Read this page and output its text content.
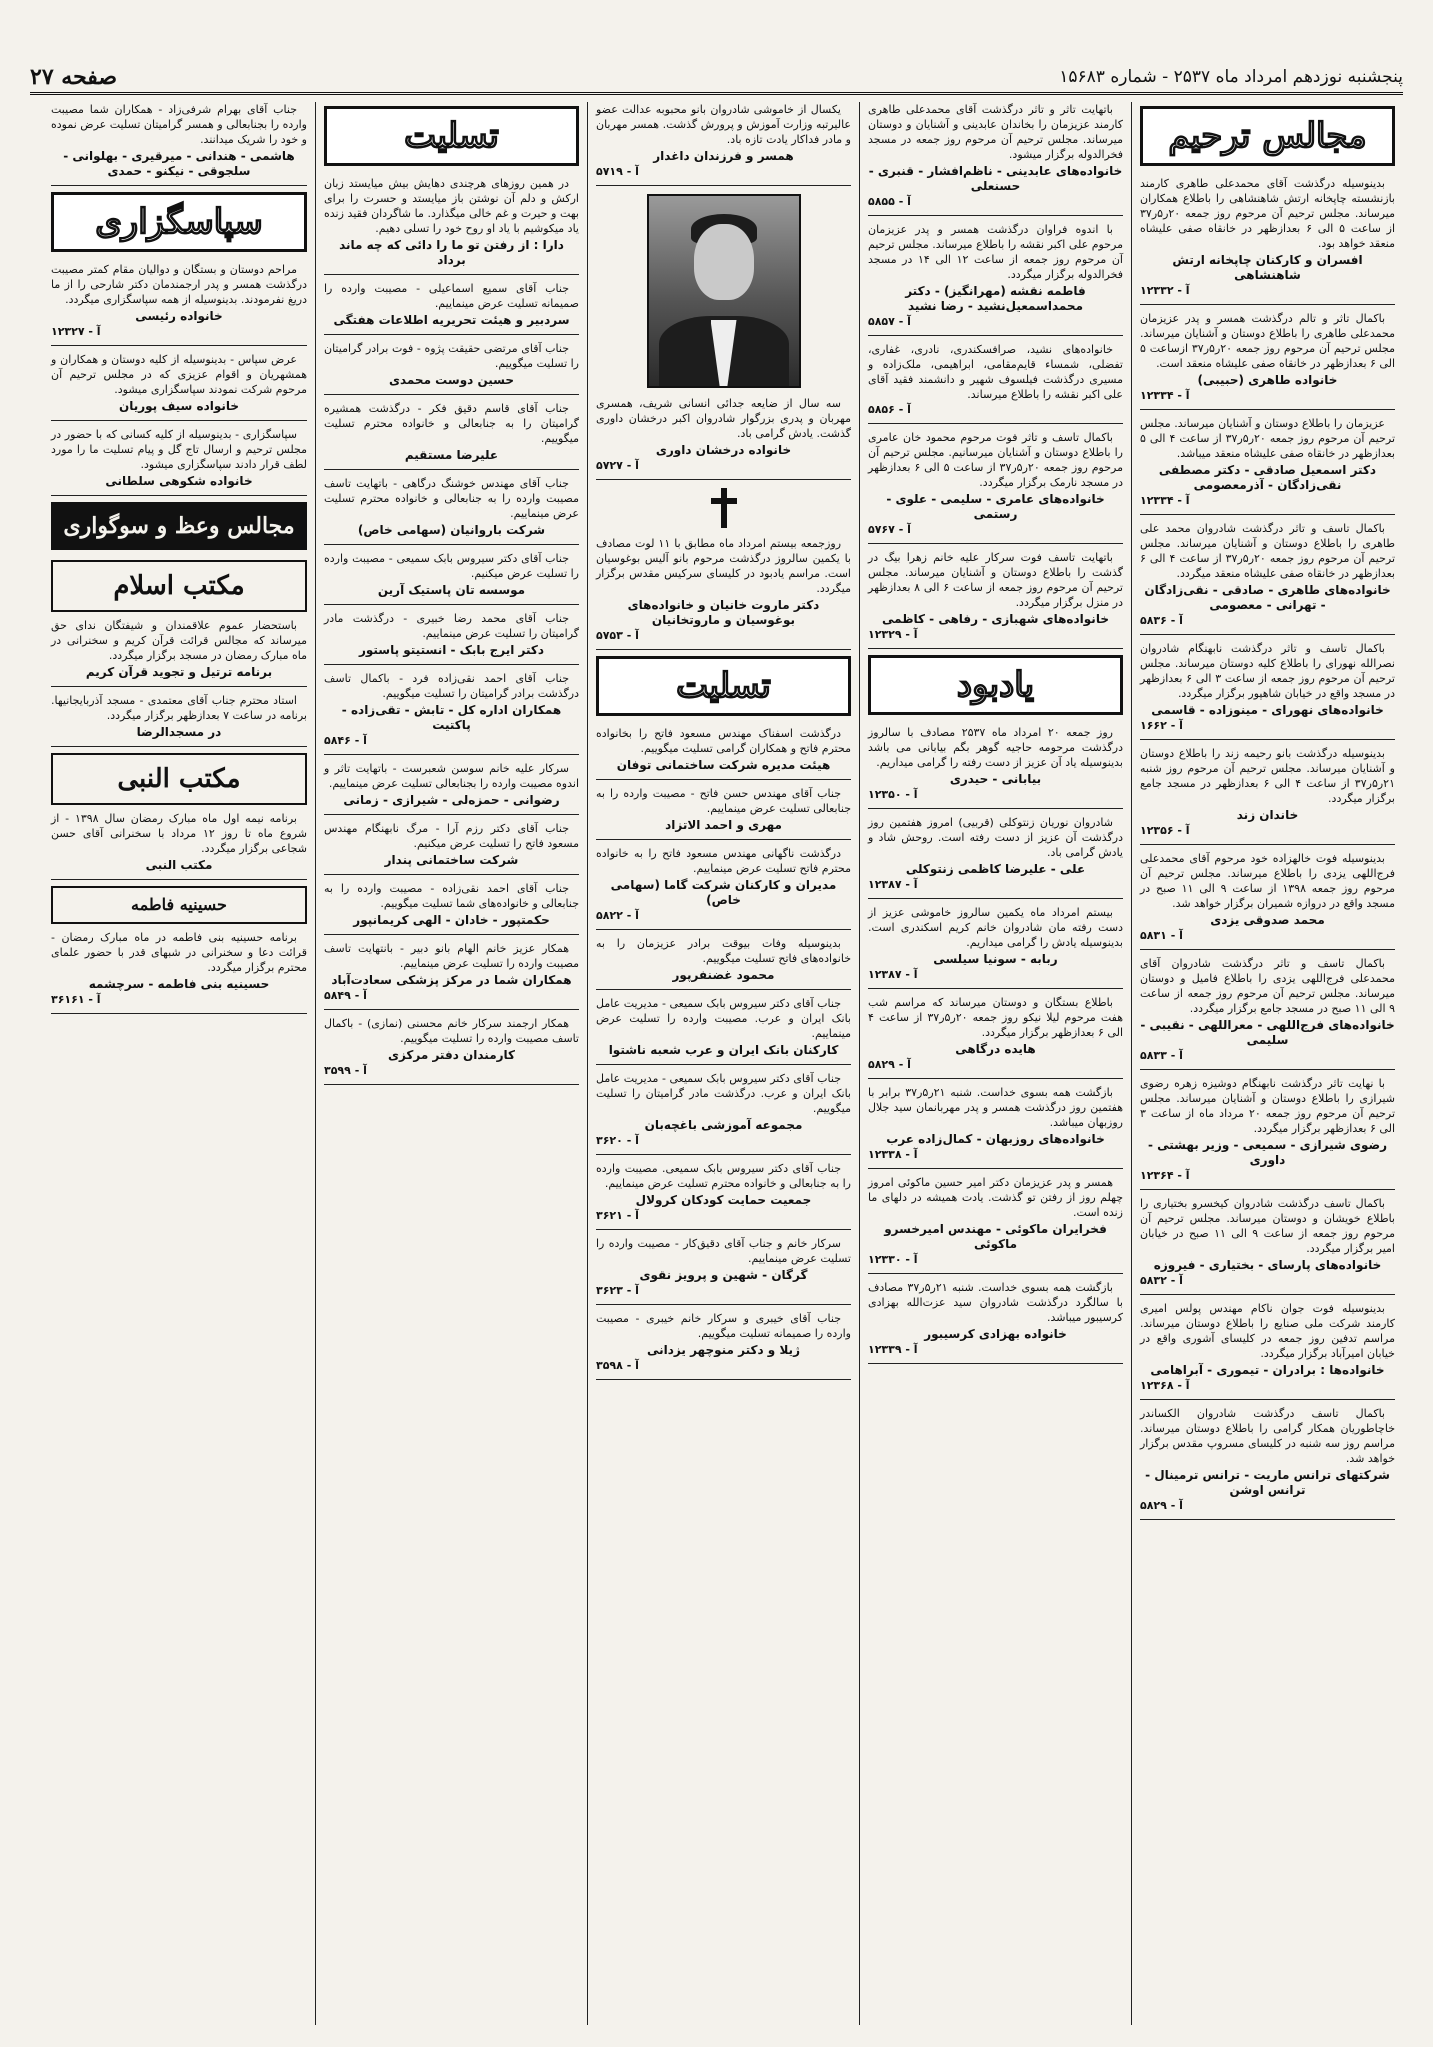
پنجشنبه نوزدهم امرداد ماه ۲۵۳۷ - شماره ۱۵۶۸۳
صفحه ۲۷
مجالس ترحیم
بدینوسیله درگذشت آقای محمدعلی طاهری کارمند بازنشسته چاپخانه ارتش شاهنشاهی را باطلاع همکاران میرساند. مجلس ترحیم آن مرحوم روز جمعه ۲۰ر۵ر۳۷ از ساعت ۵ الی ۶ بعدازظهر در خانقاه صفی علیشاه منعقد خواهد بود.
افسران و کارکنان چاپخانه ارتش شاهنشاهی
آ - ۱۲۳۳۲
باکمال تاثر و تالم درگذشت همسر و پدر عزیزمان محمدعلی طاهری را باطلاع دوستان و آشنایان میرساند. مجلس ترحیم آن مرحوم روز جمعه ۲۰ر۵ر۳۷ ازساعت ۵ الی ۶ بعدازظهر در خانقاه صفی علیشاه منعقد است.
خانواده طاهری (حبیبی)
آ - ۱۲۳۳۴
عزیزمان را باطلاع دوستان و آشنایان میرساند. مجلس ترحیم آن مرحوم روز جمعه ۲۰ر۵ر۳۷ از ساعت ۴ الی ۵ بعدازظهر در خانقاه صفی علیشاه منعقد میباشد.
دکتر اسمعیل صادقی - دکتر مصطفی نقی‌زادگان - آذرمعصومی
آ - ۱۲۳۳۴
باکمال تاسف و تاثر درگذشت شادروان محمد علی طاهری را باطلاع دوستان و آشنایان میرساند. مجلس ترحیم آن مرحوم روز جمعه ۲۰ر۵ر۳۷ از ساعت ۴ الی ۶ بعدازظهر در خانقاه صفی علیشاه منعقد میگردد.
خانواده‌های طاهری - صادقی - نقی‌زادگان - تهرانی - معصومی
آ - ۵۸۳۶
باکمال تاسف و تاثر درگذشت نابهنگام شادروان نصرالله نهورای را باطلاع کلیه دوستان میرساند. مجلس ترحیم آن مرحوم روز جمعه از ساعت ۳ الی ۶ بعدازظهر در مسجد واقع در خیابان شاهپور برگزار میگردد.
خانواده‌های نهورای - مینوزاده - قاسمی
آ - ۱۶۶۲
بدینوسیله درگذشت بانو رحیمه زند را باطلاع دوستان و آشنایان میرساند. مجلس ترحیم آن مرحوم روز شنبه ۲۱ر۵ر۳۷ از ساعت ۴ الی ۶ بعدازظهر در مسجد جامع برگزار میگردد.
خاندان زند
آ - ۱۲۳۵۶
بدینوسیله فوت خالهزاده خود مرحوم آقای محمدعلی فرج‌اللهی یزدی را باطلاع میرساند. مجلس ترحیم آن مرحوم روز جمعه ۱۳۹۸ از ساعت ۹ الی ۱۱ صبح در مسجد واقع در دروازه شمیران برگزار خواهد شد.
محمد صدوقی یزدی
آ - ۵۸۳۱
باکمال تاسف و تاثر درگذشت شادروان آقای محمدعلی فرج‌اللهی یزدی را باطلاع فامیل و دوستان میرساند. مجلس ترحیم آن مرحوم روز جمعه از ساعت ۹ الی ۱۱ صبح در مسجد جامع برگزار میگردد.
خانواده‌های فرج‌اللهی - معراللهی - نقیبی - سلیمی
آ - ۵۸۳۳
با نهایت تاثر درگذشت نابهنگام دوشیزه زهره رضوی شیرازی را باطلاع دوستان و آشنایان میرساند. مجلس ترحیم آن مرحوم روز جمعه ۲۰ مرداد ماه از ساعت ۳ الی ۶ بعدازظهر برگزار میگردد.
رضوی شیرازی - سمیعی - وزیر بهشتی - داوری
آ - ۱۲۳۶۴
باکمال تاسف درگذشت شادروان کیخسرو بختیاری را باطلاع خویشان و دوستان میرساند. مجلس ترحیم آن مرحوم روز جمعه از ساعت ۹ الی ۱۱ صبح در خیابان امیر برگزار میگردد.
خانواده‌های پارسای - بختیاری - فیروزه
آ - ۵۸۳۲
بدینوسیله فوت جوان ناکام مهندس پولس امیری کارمند شرکت ملی صنایع را باطلاع دوستان میرساند. مراسم تدفین روز جمعه در کلیسای آشوری واقع در خیابان امیرآباد برگزار میگردد.
خانواده‌ها : برادران - تیموری - آبراهامی
آ - ۱۲۳۶۸
باکمال تاسف درگذشت شادروان الکساندر خاچاطوریان همکار گرامی را باطلاع دوستان میرساند. مراسم روز سه شنبه در کلیسای مسروپ مقدس برگزار خواهد شد.
شرکتهای ترانس ماریت - ترانس ترمینال - ترانس اوشن
آ - ۵۸۲۹
باتهایت تاثر و تاثر درگذشت آقای محمدعلی طاهری کارمند عزیزمان را بخاندان عابدینی و آشنایان و دوستان میرساند. مجلس ترحیم آن مرحوم روز جمعه در مسجد فخرالدوله برگزار میشود.
خانواده‌های عابدینی - ناظم‌افشار - قنبری - حسنعلی
آ - ۵۸۵۵
با اندوه فراوان درگذشت همسر و پدر عزیزمان مرحوم علی اکبر نقشه را باطلاع میرساند. مجلس ترحیم آن مرحوم روز جمعه از ساعت ۱۲ الی ۱۴ در مسجد فخرالدوله برگزار میگردد.
فاطمه نقشه (مهرانگیز) - دکتر محمداسمعیل‌نشید - رضا نشید
آ - ۵۸۵۷
خانواده‌های نشید، صرافسکندری، نادری، غفاری، تفضلی، شمساء قایم‌مقامی، ابراهیمی، ملک‌زاده و مسیری درگذشت فیلسوف شهیر و دانشمند فقید آقای علی اکبر نقشه را باطلاع میرساند.
آ - ۵۸۵۶
باکمال تاسف و تاثر فوت مرحوم محمود خان عامری را باطلاع دوستان و آشنایان میرسانیم. مجلس ترحیم آن مرحوم روز جمعه ۲۰ر۵ر۳۷ از ساعت ۵ الی ۶ بعدازظهر در مسجد نارمک برگزار میگردد.
خانواده‌های عامری - سلیمی - علوی - رستمی
آ - ۵۷۶۷
باتهایت تاسف فوت سرکار علیه خانم زهرا بیگ در گذشت را باطلاع دوستان و آشنایان میرساند. مجلس ترحیم آن مرحوم روز جمعه از ساعت ۶ الی ۸ بعدازظهر در منزل برگزار میگردد.
خانواده‌های شهبازی - رفاهی - کاظمی
آ - ۱۲۳۲۹
یادبود
روز جمعه ۲۰ امرداد ماه ۲۵۳۷ مصادف با سالروز درگذشت مرحومه حاجیه گوهر بگم بیابانی می باشد بدینوسیله یاد آن عزیز از دست رفته را گرامی میداریم.
بیابانی - حیدری
آ - ۱۲۳۵۰
شادروان نوریان زنتوکلی (قربیی) امروز هفتمین روز درگذشت آن عزیز از دست رفته است. روحش شاد و یادش گرامی باد.
علی - علیرضا کاظمی زنتوکلی
آ - ۱۲۳۸۷
بیستم امرداد ماه یکمین سالروز خاموشی عزیز از دست رفته مان شادروان خانم کریم اسکندری است. بدینوسیله یادش را گرامی میداریم.
ربابه - سونیا سیلسی
آ - ۱۲۳۸۷
باطلاع بستگان و دوستان میرساند که مراسم شب هفت مرحوم لیلا نیکو روز جمعه ۲۰ر۵ر۳۷ از ساعت ۴ الی ۶ بعدازظهر برگزار میگردد.
هایده درگاهی
آ - ۵۸۲۹
بازگشت همه بسوی خداست. شنبه ۲۱ر۵ر۳۷ برابر با هفتمین روز درگذشت همسر و پدر مهربانمان سید جلال روزبهان میباشد.
خانواده‌های روزبهان - کمال‌زاده عرب
آ - ۱۲۳۳۸
همسر و پدر عزیزمان دکتر امیر حسین ماکوئی امروز چهلم روز از رفتن تو گذشت. یادت همیشه در دلهای ما زنده است.
فخرایران ماکوئی - مهندس امیرخسرو ماکوئی
آ - ۱۲۳۳۰
بازگشت همه بسوی خداست. شنبه ۲۱ر۵ر۳۷ مصادف با سالگرد درگذشت شادروان سید عزت‌الله بهزادی کرسیبور میباشد.
خانواده بهزادی کرسیبور
آ - ۱۲۳۳۹
یکسال از خاموشی شادروان بانو محبوبه عدالت عضو عالیرتبه وزارت آموزش و پرورش گذشت. همسر مهربان و مادر فداکار یادت تازه باد.
همسر و فرزندان داغدار
آ - ۵۷۱۹
سه سال از ضایعه جدائی انسانی شریف، همسری مهربان و پدری بزرگوار شادروان اکبر درخشان داوری گذشت. یادش گرامی باد.
خانواده درخشان داوری
آ - ۵۷۲۷
روزجمعه بیستم امرداد ماه مطابق با ۱۱ لوت مصادف با یکمین سالروز درگذشت مرحوم بانو آلیس بوغوسیان است. مراسم یادبود در کلیسای سرکیس مقدس برگزار میگردد.
دکتر ماروت خانیان و خانواده‌های بوغوسیان و ماروتخانیان
آ - ۵۷۵۳
تسلیت
درگذشت اسفناک مهندس مسعود فاتح را بخانواده محترم فاتح و همکاران گرامی تسلیت میگوییم.
هیئت مدیره شرکت ساختمانی توفان
جناب آقای مهندس حسن فاتح - مصیبت وارده را به جنابعالی تسلیت عرض مینماییم.
مهری و احمد الاتزاد
درگذشت ناگهانی مهندس مسعود فاتح را به خانواده محترم فاتح تسلیت عرض مینماییم.
مدیران و کارکنان شرکت گاما (سهامی خاص)
آ - ۵۸۲۲
بدینوسیله وفات بیوقت برادر عزیزمان را به خانواده‌های فاتح تسلیت میگوییم.
محمود غضنفرپور
جناب آقای دکتر سیروس بابک سمیعی - مدیریت عامل بانک ایران و عرب. مصیبت وارده را تسلیت عرض مینماییم.
کارکنان بانک ایران و عرب شعبه ناشتوا
جناب آقای دکتر سیروس بابک سمیعی - مدیریت عامل بانک ایران و عرب. درگذشت مادر گرامیتان را تسلیت میگوییم.
مجموعه آموزشی باغچه‌بان
آ - ۳۶۲۰
جناب آقای دکتر سیروس بابک سمیعی. مصیبت وارده را به جنابعالی و خانواده محترم تسلیت عرض مینماییم.
جمعیت حمایت کودکان کرولال
آ - ۳۶۲۱
سرکار خانم و جناب آقای دقیق‌کار - مصیبت وارده را تسلیت عرض مینماییم.
گرگان - شهین و پرویز نقوی
آ - ۳۶۲۳
جناب آقای خیبری و سرکار خانم خیبری - مصیبت وارده را صمیمانه تسلیت میگوییم.
ژیلا و دکتر منوچهر یزدانی
آ - ۳۵۹۸
تسلیت
در همین روزهای هرچندی دهایش بیش میایستد زبان ارکش و دلم آن نوشتن باز میایستد و حسرت را برای بهت و حیرت و غم خالی میگذارد. ما شاگردان فقید زنده یاد میکوشیم با یاد او روح خود را تسلی دهیم.
دارا : از رفتن تو ما را دائی که چه ماند برداد
جناب آقای سمیع اسماعیلی - مصیبت وارده را صمیمانه تسلیت عرض مینماییم.
سردبیر و هیئت تحریریه اطلاعات هفتگی
جناب آقای مرتضی حقیقت پژوه - فوت برادر گرامیتان را تسلیت میگوییم.
حسین دوست محمدی
جناب آقای قاسم دقیق فکر - درگذشت همشیره گرامیتان را به جنابعالی و خانواده محترم تسلیت میگوییم.
علیرضا مستقیم
جناب آقای مهندس خوشنگ درگاهی - باتهایت تاسف مصیبت وارده را به جنابعالی و خانواده محترم تسلیت عرض مینماییم.
شرکت باروانیان (سهامی خاص)
جناب آقای دکتر سیروس بابک سمیعی - مصیبت وارده را تسلیت عرض میکنیم.
موسسه تان پاستیک آرین
جناب آقای محمد رضا خبیری - درگذشت مادر گرامیتان را تسلیت عرض مینماییم.
دکتر ایرج بابک - انستیتو پاستور
جناب آقای احمد نقی‌زاده فرد - باکمال تاسف درگذشت برادر گرامیتان را تسلیت میگوییم.
همکاران اداره کل - تابش - تقی‌زاده - پاکتیت
آ - ۵۸۴۶
سرکار علیه خانم سوسن شعبرست - باتهایت تاثر و اندوه مصیبت وارده را بجنابعالی تسلیت عرض مینماییم.
رضوانی - حمزه‌لی - شیرازی - زمانی
جناب آقای دکتر رزم آرا - مرگ نابهنگام مهندس مسعود فاتح را تسلیت عرض میکنیم.
شرکت ساختمانی پندار
جناب آقای احمد نقی‌زاده - مصیبت وارده را به جنابعالی و خانواده‌های شما تسلیت میگوییم.
حکمتپور - خادان - الهی کریمانپور
همکار عزیز خانم الهام بانو دبیر - بانتهایت تاسف مصیبت وارده را تسلیت عرض مینماییم.
همکاران شما در مرکز پزشکی سعادت‌آباد
آ - ۵۸۴۹
همکار ارجمند سرکار خانم محسنی (نمازی) - باکمال تاسف مصیبت وارده را تسلیت میگوییم.
کارمندان دفتر مرکزی
آ - ۳۵۹۹
جناب آقای بهرام شرفی‌زاد - همکاران شما مصیبت وارده را بجنابعالی و همسر گرامیتان تسلیت عرض نموده و خود را شریک میدانند.
هاشمی - هندانی - میرقیری - بهلوانی - سلجوقی - نیکنو - حمدی
سپاسگزاری
مراحم دوستان و بستگان و دوالیان مقام کمتر مصیبت درگذشت همسر و پدر ارجمندمان دکتر شارحی را از ما دریغ نفرمودند. بدینوسیله از همه سپاسگزاری میگردد.
خانواده رئیسی
آ - ۱۲۳۲۷
عرض سپاس - بدینوسیله از کلیه دوستان و همکاران و همشهریان و اقوام عزیزی که در مجلس ترحیم آن مرحوم شرکت نمودند سپاسگزاری میشود.
خانواده سیف پوریان
سپاسگزاری - بدینوسیله از کلیه کسانی که با حضور در مجلس ترحیم و ارسال تاج گل و پیام تسلیت ما را مورد لطف قرار دادند سپاسگزاری میشود.
خانواده شکوهی سلطانی
مجالس وعظ و سوگواری
مکتب اسلام
باستحضار عموم علاقمندان و شیفتگان ندای حق میرساند که مجالس قرائت قرآن کریم و سخنرانی در ماه مبارک رمضان در مسجد برگزار میگردد.
برنامه ترتیل و تجوید قرآن کریم
استاد محترم جناب آقای معتمدی - مسجد آذربایجانیها. برنامه در ساعت ۷ بعدازظهر برگزار میگردد.
در مسجدالرضا
مکتب النبی
برنامه نیمه اول ماه مبارک رمضان سال ۱۳۹۸ - از شروع ماه تا روز ۱۲ مرداد با سخنرانی آقای حسن شجاعی برگزار میگردد.
مکتب النبی
حسینیه فاطمه
برنامه حسینیه بنی فاطمه در ماه مبارک رمضان - قرائت دعا و سخنرانی در شبهای قدر با حضور علمای محترم برگزار میگردد.
حسینیه بنی فاطمه - سرچشمه
آ - ۳۶۱۶۱
